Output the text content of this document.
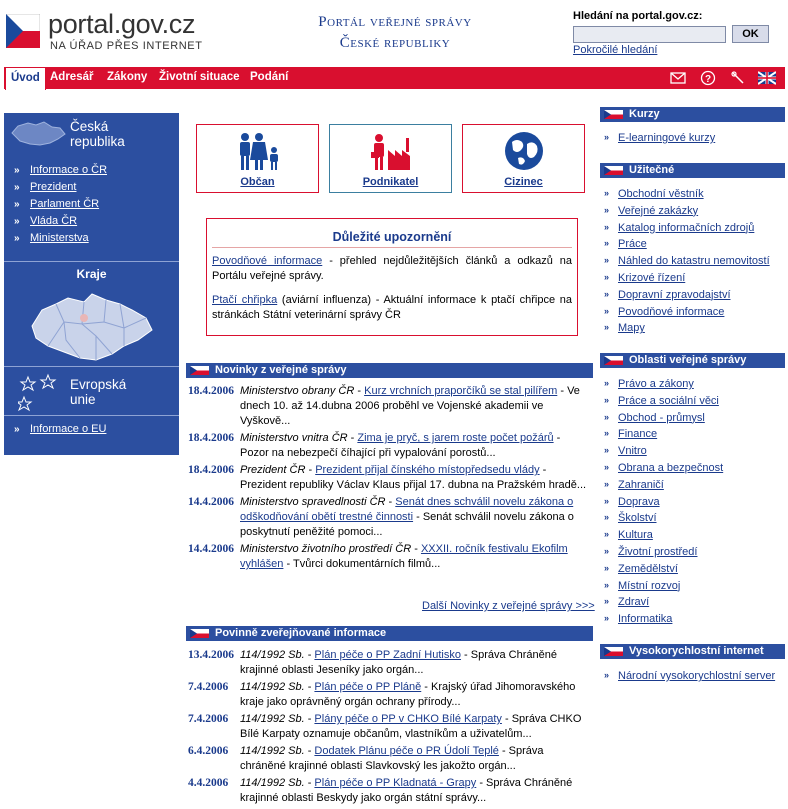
portal.gov.cz
NA ÚŘAD PŘES INTERNET
Portál veřejné správy
České republiky
Hledání na portal.gov.cz:
OK
Pokročilé hledání
Úvod Adresář	Zákony	Životní situace Podání	?
Česká
republika
» Informace o ČR
» Prezident
» Parlament ČR
» Vláda ČR
» Ministerstva
Kraje
Evropská
unie
» Informace o EU
Občan	Podnikatel	Cizinec
Důležité upozornění

Povodňové informace - přehled nejdůležitějších článků a odkazů na Portálu veřejné správy.

Ptačí chřipka (aviární influenza) - Aktuální informace k ptačí chřipce na stránkách Státní veterinární správy ČR

Novinky z veřejné správy
18.4.2006 Ministerstvo obrany ČR - Kurz vrchních praporčíků se stal pilířem - Ve dnech 10. až 14.dubna 2006 proběhl ve Vojenské akademii ve Vyškově...
18.4.2006 Ministerstvo vnitra ČR - Zima je pryč, s jarem roste počet požárů - Pozor na nebezpečí číhající při vypalování porostů...
18.4.2006 Prezident ČR - Prezident přijal čínského místopředsedu vlády - Prezident republiky Václav Klaus přijal 17. dubna na Pražském hradě...
14.4.2006 Ministerstvo spravedlnosti ČR - Senát dnes schválil novelu zákona o odškodňování obětí trestné činnosti - Senát schválil novelu zákona o poskytnutí peněžité pomoci...
14.4.2006 Ministerstvo životního prostředí ČR - XXXII. ročník festivalu Ekofilm vyhlášen - Tvůrci dokumentárních filmů...
Další Novinky z veřejné správy >>>
Povinně zveřejňované informace
13.4.2006 114/1992 Sb. - Plán péče o PP Zadní Hutisko - Správa Chráněné krajinné oblasti Jeseníky jako orgán...
7.4.2006 114/1992 Sb. - Plán péče o PP Pláně - Krajský úřad Jihomoravského kraje jako oprávněný orgán ochrany přírody...
7.4.2006 114/1992 Sb. - Plány péče o PP v CHKO Bílé Karpaty - Správa CHKO Bílé Karpaty oznamuje občanům, vlastníkům a uživatelům...
6.4.2006 114/1992 Sb. - Dodatek Plánu péče o PR Údolí Teplé - Správa chráněné krajinné oblasti Slavkovský les jakožto orgán...
4.4.2006 114/1992 Sb. - Plán péče o PP Kladnatá - Grapy - Správa Chráněné krajinné oblasti Beskydy jako orgán státní správy...
Kurzy
» E-learningové kurzy
Užitečné
» Obchodní věstník
» Veřejné zakázky
» Katalog informačních zdrojů
» Práce
» Náhled do katastru nemovitostí
» Krizové řízení
» Dopravní zpravodajství
» Povodňové informace
» Mapy
Oblasti veřejné správy
» Právo a zákony
» Práce a sociální věci
» Obchod - průmysl
» Finance
» Vnitro
» Obrana a bezpečnost
» Zahraničí
» Doprava
» Školství
» Kultura
» Životní prostředí
» Zemědělství
» Místní rozvoj
» Zdraví
» Informatika
Vysokorychlostní internet
» Národní vysokorychlostní server
